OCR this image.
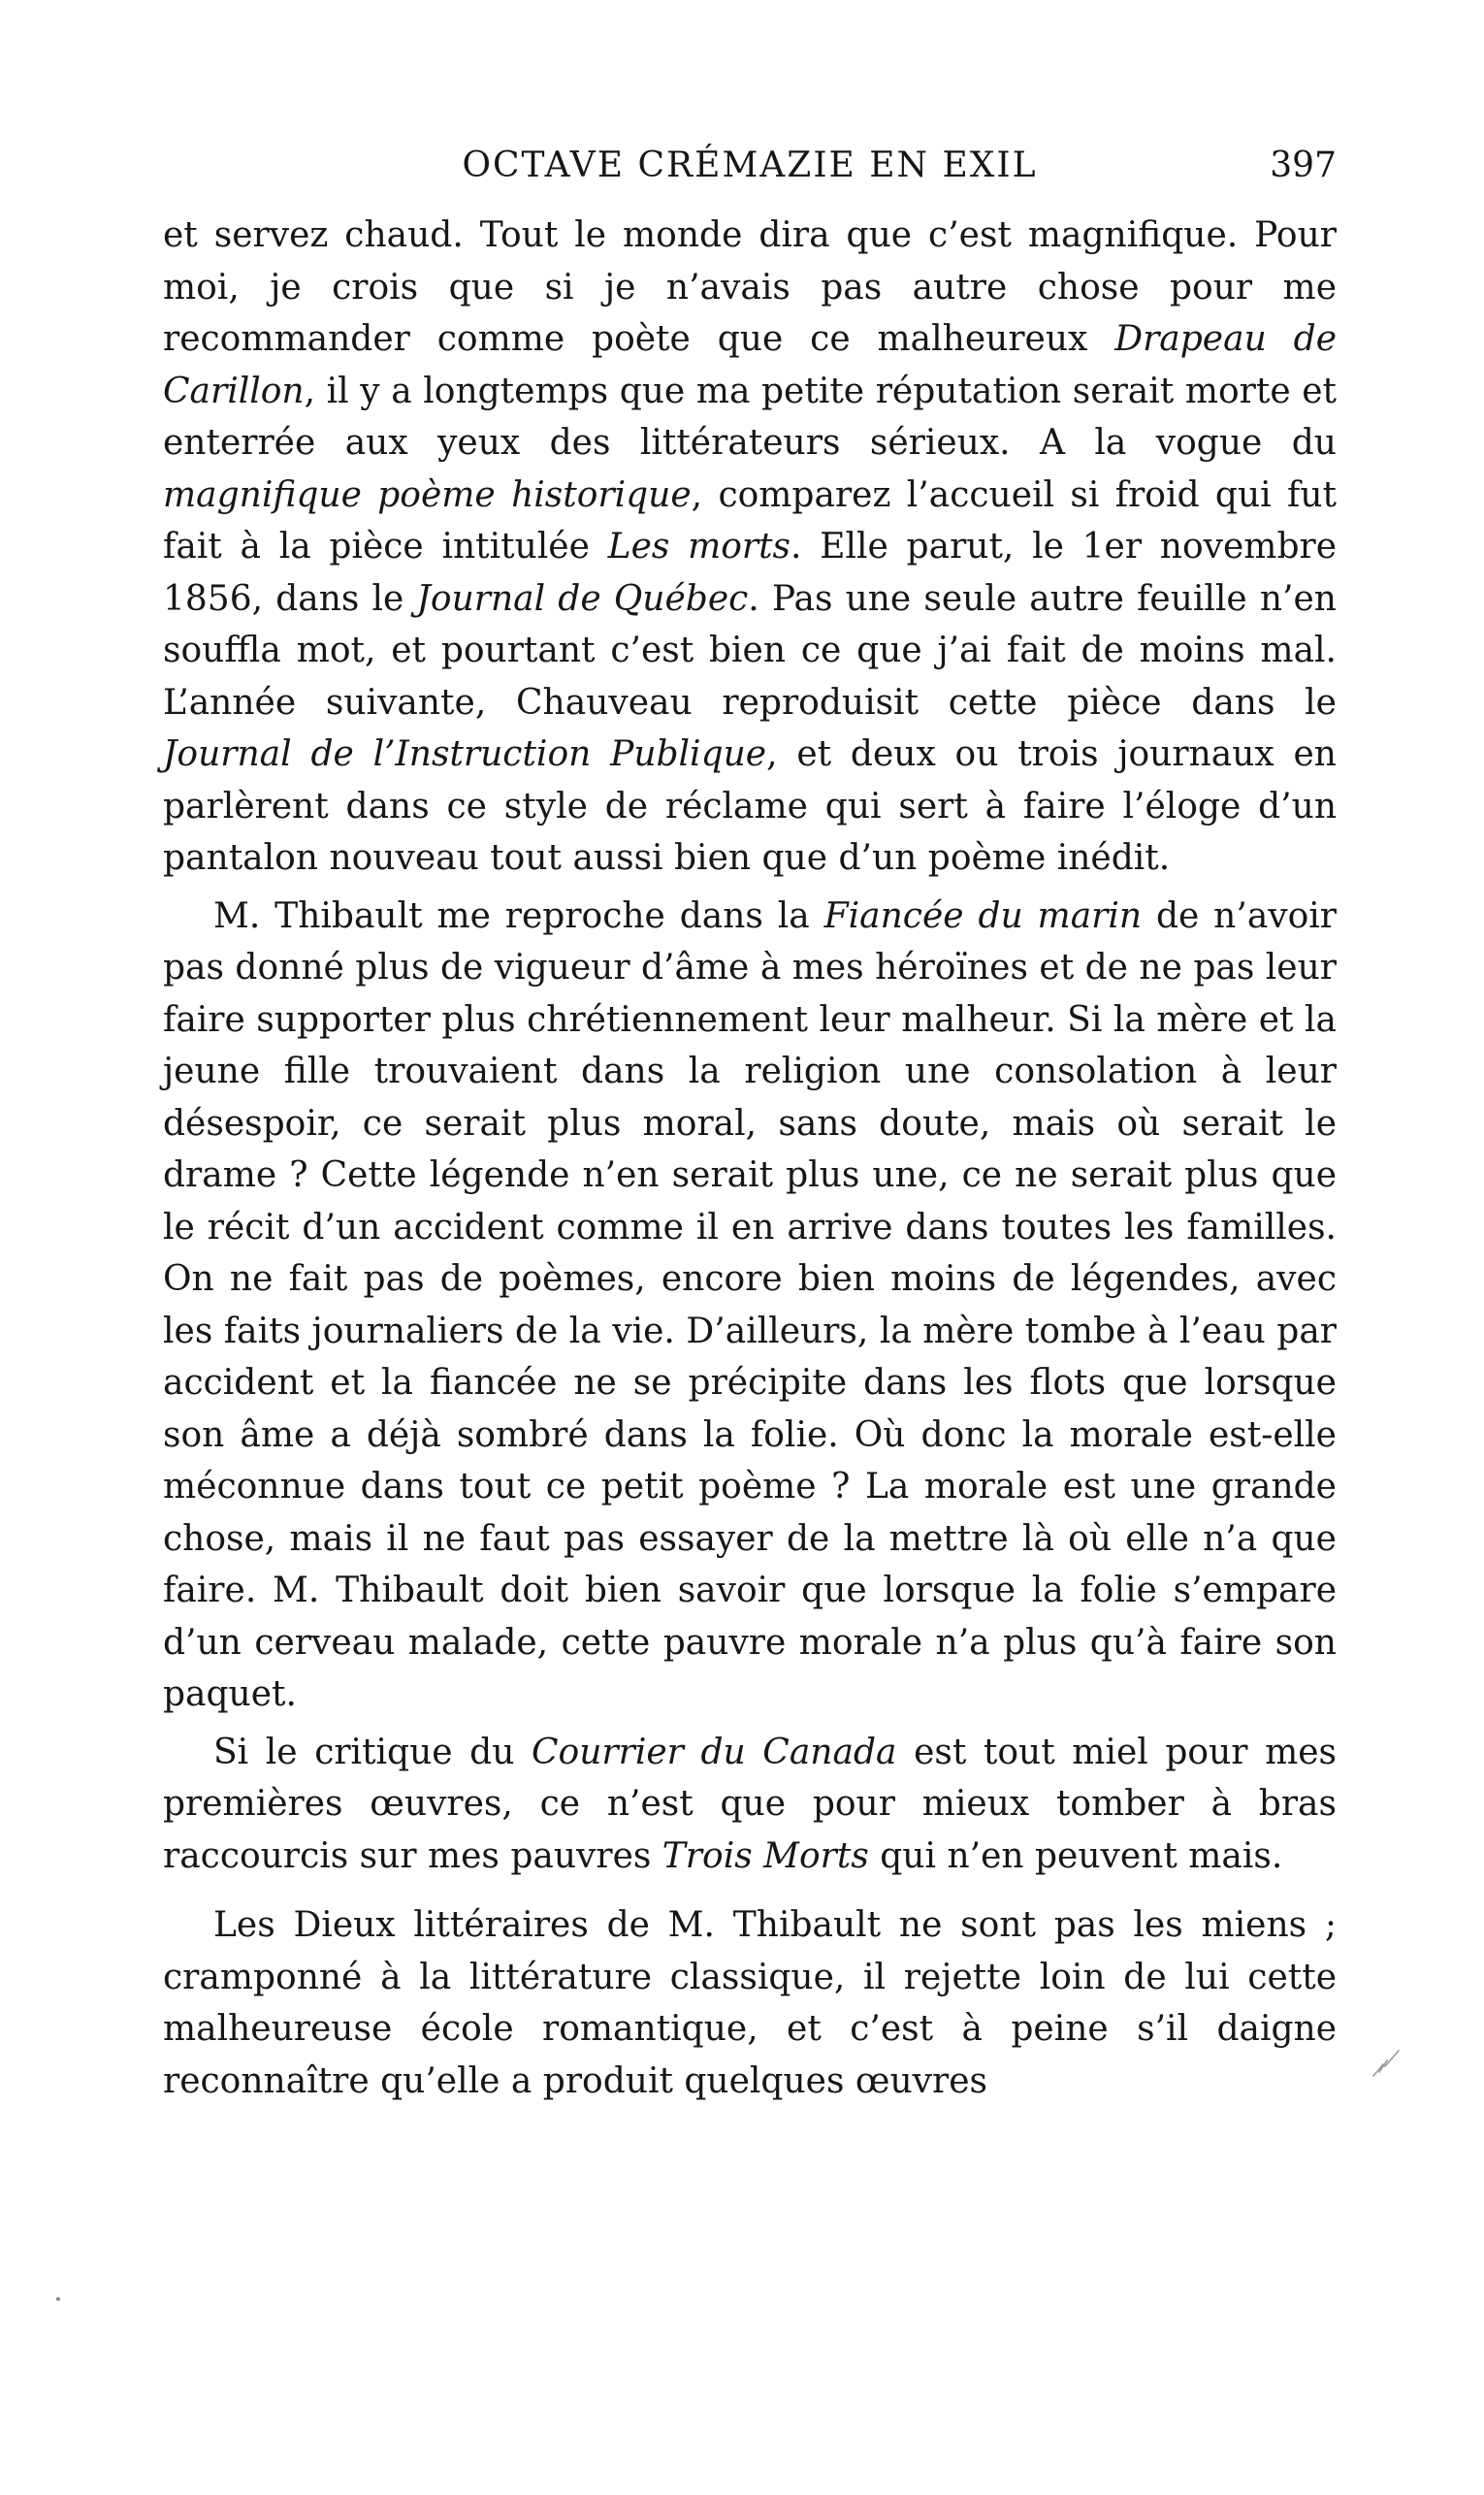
OCTAVE CRÉMAZIE EN EXIL	397

et servez chaud. Tout le monde dira que c’est magnifique. Pour moi, je crois que si je n’avais pas autre chose pour me recommander comme poète que ce malheureux Drapeau de Carillon, il y a longtemps que ma petite réputation serait morte et enterrée aux yeux des littérateurs sérieux. A la vogue du magnifique poème historique, comparez l’accueil si froid qui fut fait à la pièce intitulée Les morts. Elle parut, le 1er novembre 1856, dans le Journal de Québec. Pas une seule autre feuille n’en souffla mot, et pourtant c’est bien ce que j’ai fait de moins mal. L’année suivante, Chauveau reproduisit cette pièce dans le Journal de l’Instruction Publique, et deux ou trois journaux en parlèrent dans ce style de réclame qui sert à faire l’éloge d’un pantalon nouveau tout aussi bien que d’un poème inédit.

M. Thibault me reproche dans la Fiancée du marin de n’avoir pas donné plus de vigueur d’âme à mes héroïnes et de ne pas leur faire supporter plus chrétiennement leur malheur. Si la mère et la jeune fille trouvaient dans la religion une consolation à leur désespoir, ce serait plus moral, sans doute, mais où serait le drame ? Cette légende n’en serait plus une, ce ne serait plus que le récit d’un accident comme il en arrive dans toutes les familles. On ne fait pas de poèmes, encore bien moins de légendes, avec les faits journaliers de la vie. D’ailleurs, la mère tombe à l’eau par accident et la fiancée ne se précipite dans les flots que lorsque son âme a déjà sombré dans la folie. Où donc la morale est-elle méconnue dans tout ce petit poème ? La morale est une grande chose, mais il ne faut pas essayer de la mettre là où elle n’a que faire. M. Thibault doit bien savoir que lorsque la folie s’empare d’un cerveau malade, cette pauvre morale n’a plus qu’à faire son paquet.

Si le critique du Courrier du Canada est tout miel pour mes premières œuvres, ce n’est que pour mieux tomber à bras raccourcis sur mes pauvres Trois Morts qui n’en peuvent mais.

Les Dieux littéraires de M. Thibault ne sont pas les miens ; cramponné à la littérature classique, il rejette loin de lui cette malheureuse école romantique, et c’est à peine s’il daigne reconnaître qu’elle a produit quelques œuvres
